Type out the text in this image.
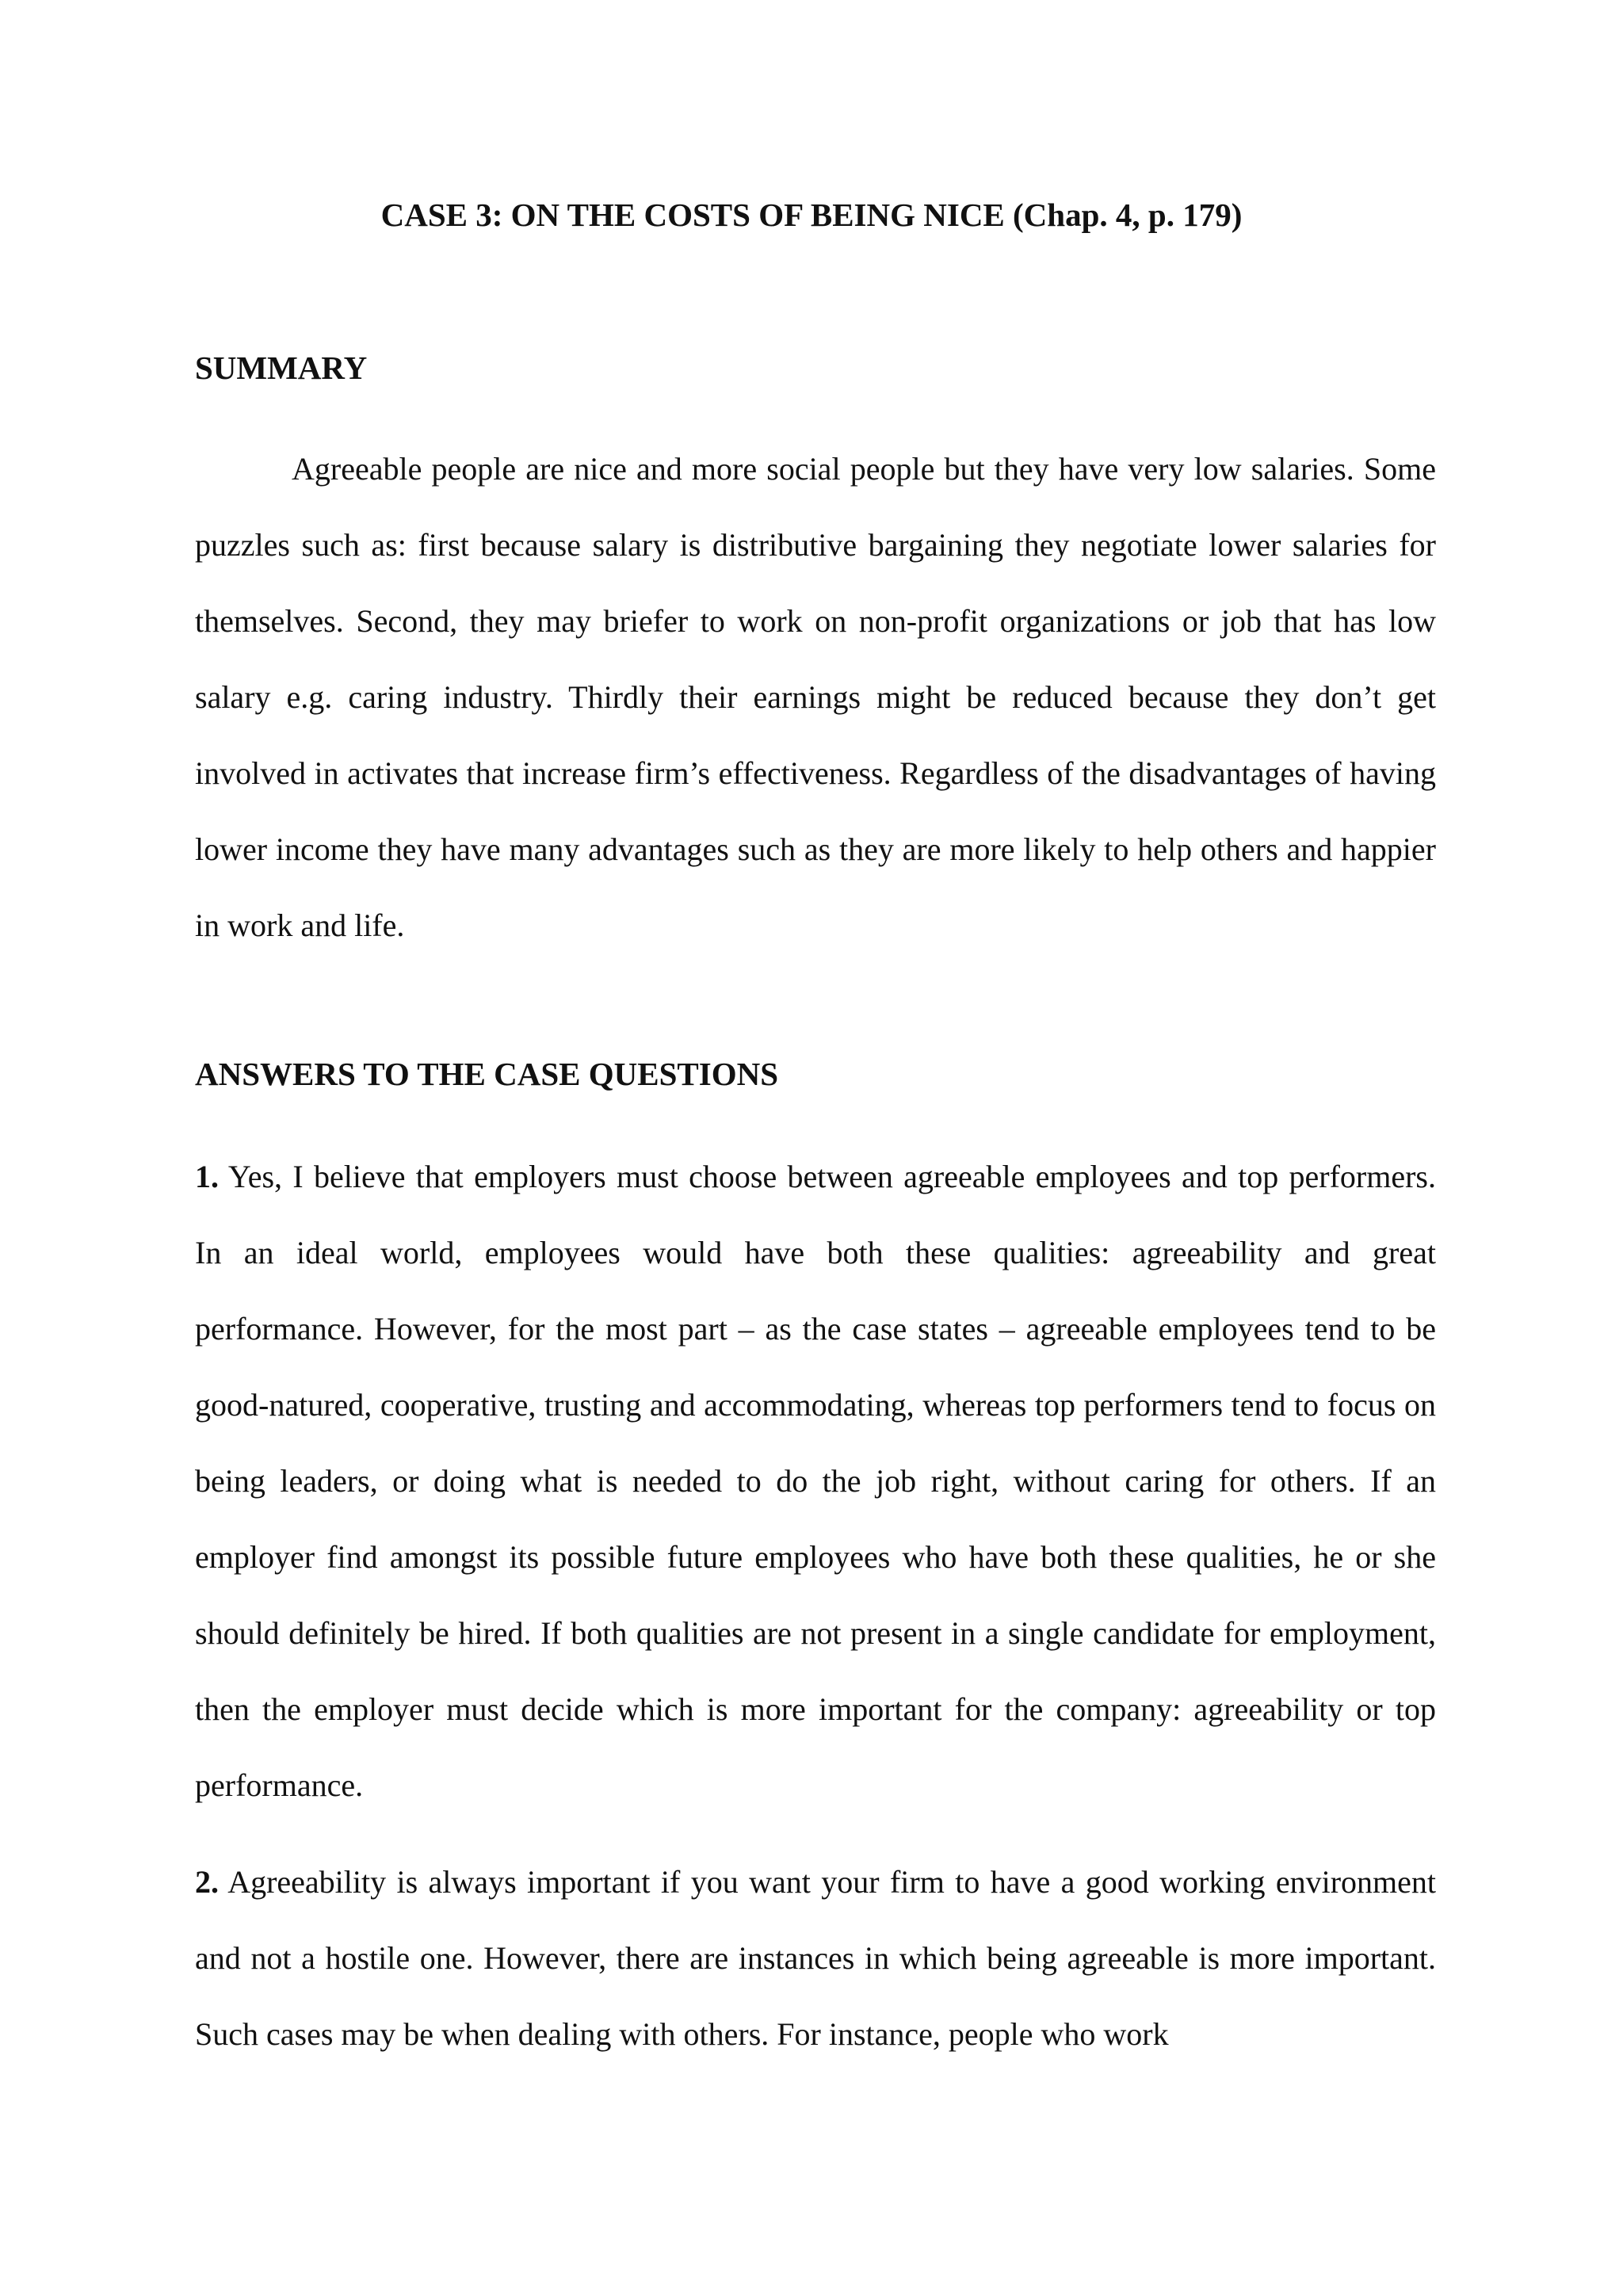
CASE 3: ON THE COSTS OF BEING NICE (Chap. 4, p. 179)
SUMMARY

Agreeable people are nice and more social people but they have very low salaries. Some puzzles such as: first because salary is distributive bargaining they negotiate lower salaries for themselves. Second, they may briefer to work on non-profit organizations or job that has low salary e.g. caring industry. Thirdly their earnings might be reduced because they don’t get involved in activates that increase firm’s effectiveness. Regardless of the disadvantages of having lower income they have many advantages such as they are more likely to help others and happier in work and life.

ANSWERS TO THE CASE QUESTIONS

1. Yes, I believe that employers must choose between agreeable employees and top performers. In an ideal world, employees would have both these qualities: agreeability and great performance. However, for the most part – as the case states – agreeable employees tend to be good-natured, cooperative, trusting and accommodating, whereas top performers tend to focus on being leaders, or doing what is needed to do the job right, without caring for others. If an employer find amongst its possible future employees who have both these qualities, he or she should definitely be hired. If both qualities are not present in a single candidate for employment, then the employer must decide which is more important for the company: agreeability or top performance.

2. Agreeability is always important if you want your firm to have a good working environment and not a hostile one. However, there are instances in which being agreeable is more important. Such cases may be when dealing with others. For instance, people who work
